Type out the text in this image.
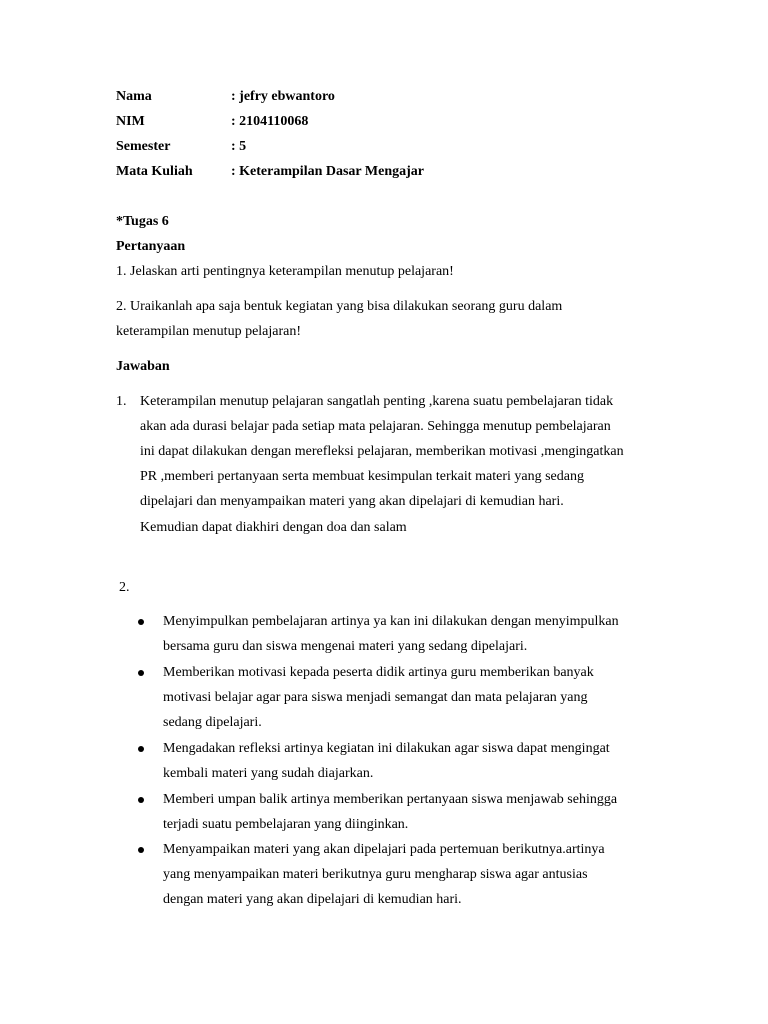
Nama	: jefry ebwantoro
NIM	: 2104110068
Semester	: 5
Mata Kuliah	: Keterampilan Dasar Mengajar
*Tugas 6
Pertanyaan
1. Jelaskan arti pentingnya keterampilan menutup pelajaran!
2. Uraikanlah apa saja bentuk kegiatan yang bisa dilakukan seorang guru dalam
keterampilan menutup pelajaran!
Jawaban
1. Keterampilan menutup pelajaran sangatlah penting ,karena suatu pembelajaran tidak
akan ada durasi belajar pada setiap mata pelajaran. Sehingga menutup pembelajaran
ini dapat dilakukan dengan merefleksi pelajaran, memberikan motivasi ,mengingatkan
PR ,memberi pertanyaan serta membuat kesimpulan terkait materi yang sedang
dipelajari dan menyampaikan materi yang akan dipelajari di kemudian hari.
Kemudian dapat diakhiri dengan doa dan salam
2.
Menyimpulkan pembelajaran artinya ya kan ini dilakukan dengan menyimpulkan
bersama guru dan siswa mengenai materi yang sedang dipelajari.
Memberikan motivasi kepada peserta didik artinya guru memberikan banyak
motivasi belajar agar para siswa menjadi semangat dan mata pelajaran yang
sedang dipelajari.
Mengadakan refleksi artinya kegiatan ini dilakukan agar siswa dapat mengingat
kembali materi yang sudah diajarkan.
Memberi umpan balik artinya memberikan pertanyaan siswa menjawab sehingga
terjadi suatu pembelajaran yang diinginkan.
Menyampaikan materi yang akan dipelajari pada pertemuan berikutnya.artinya
yang menyampaikan materi berikutnya guru mengharap siswa agar antusias
dengan materi yang akan dipelajari di kemudian hari.
